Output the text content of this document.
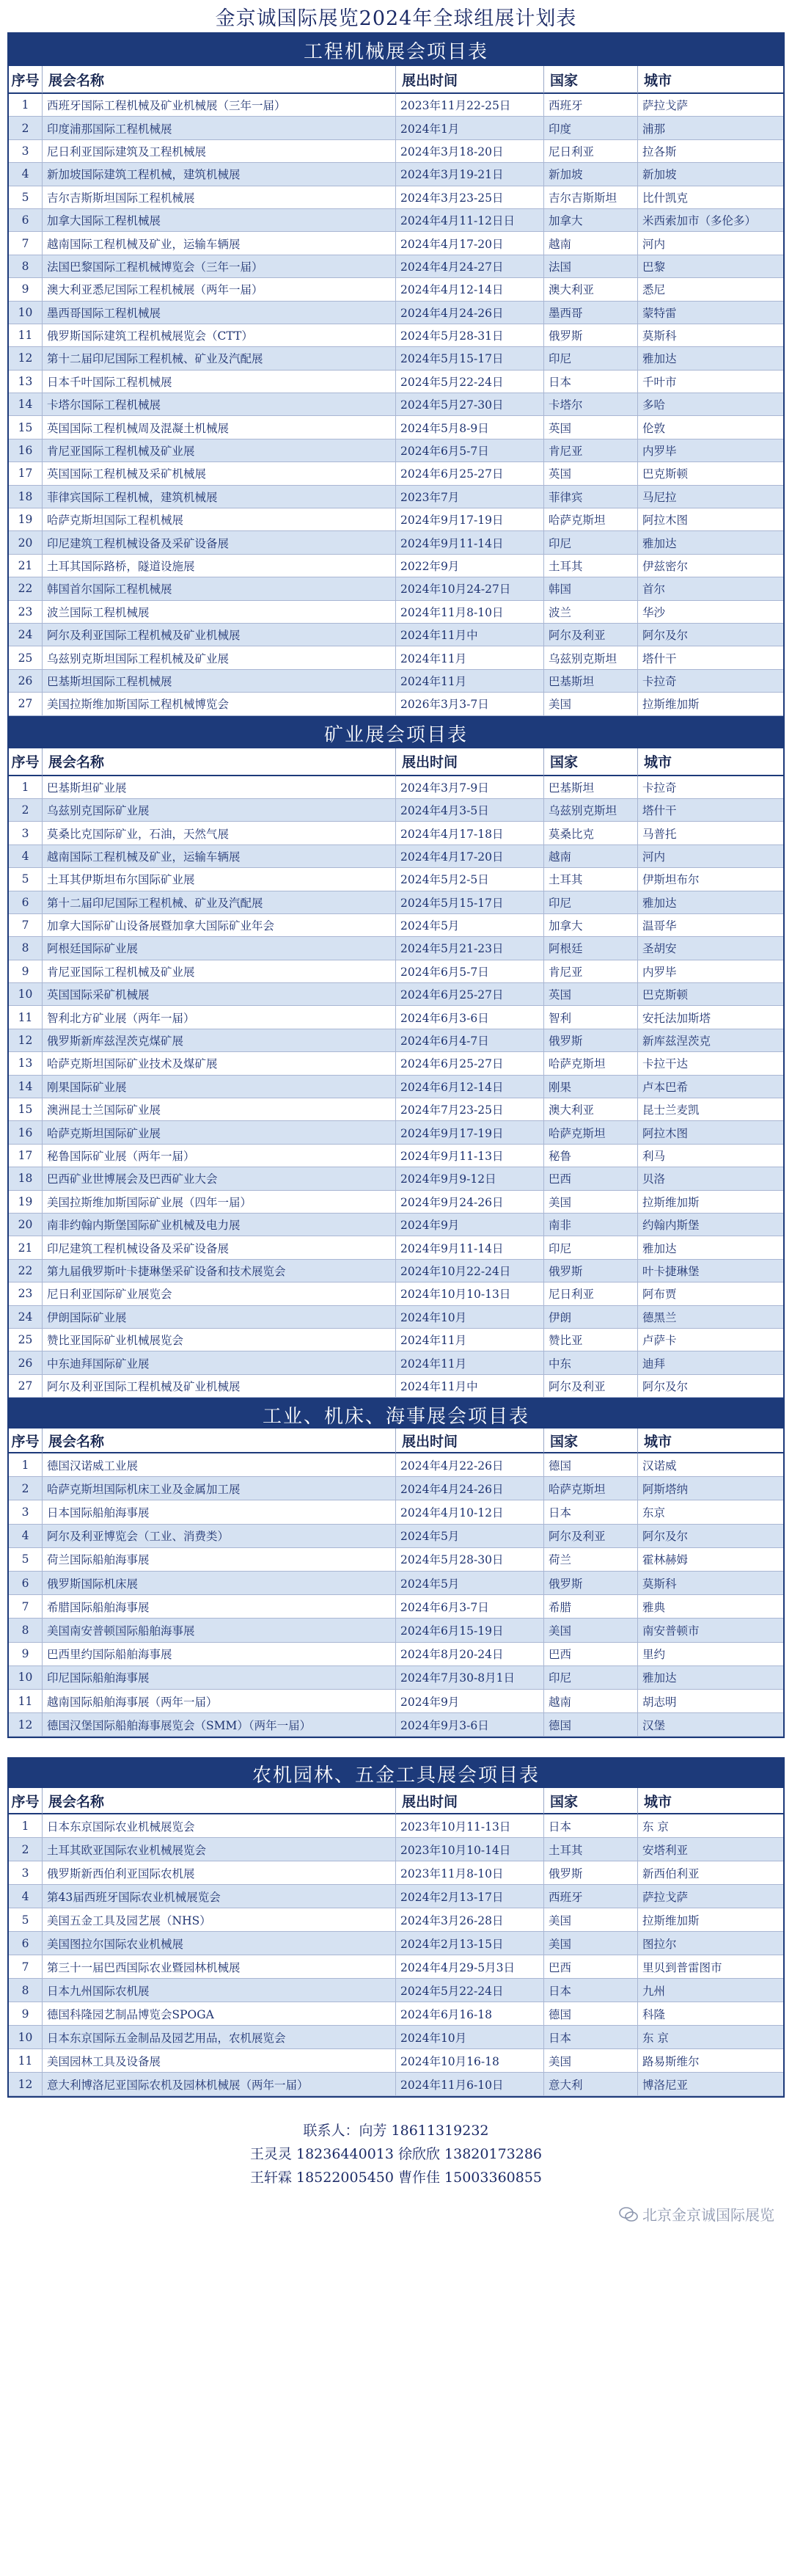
金京诚国际展览2024年全球组展计划表
工程机械展会项目表
序号 展会名称	展出时间	国家	城市
1	西班牙国际工程机械及矿业机械展（三年一届）	2023年11月22-25日	西班牙	萨拉戈萨
2	印度浦那国际工程机械展	2024年1月	印度	浦那
3	尼日利亚国际建筑及工程机械展	2024年3月18-20日	尼日利亚	拉各斯
4	新加坡国际建筑工程机械，建筑机械展	2024年3月19-21日	新加坡	新加坡
5	吉尔吉斯斯坦国际工程机械展	2024年3月23-25日	吉尔吉斯斯坦	比什凯克
6	加拿大国际工程机械展	2024年4月11-12日日	加拿大	米西索加市（多伦多）
7	越南国际工程机械及矿业，运输车辆展	2024年4月17-20日	越南	河内
8	法国巴黎国际工程机械博览会（三年一届）	2024年4月24-27日	法国	巴黎
9	澳大利亚悉尼国际工程机械展（两年一届）	2024年4月12-14日	澳大利亚	悉尼
10	墨西哥国际工程机械展	2024年4月24-26日	墨西哥	蒙特雷
11	俄罗斯国际建筑工程机械展览会（CTT）	2024年5月28-31日	俄罗斯	莫斯科
12	第十二届印尼国际工程机械、矿业及汽配展	2024年5月15-17日	印尼	雅加达
13	日本千叶国际工程机械展	2024年5月22-24日	日本	千叶市
14	卡塔尔国际工程机械展	2024年5月27-30日	卡塔尔	多哈
15	英国国际工程机械周及混凝土机械展	2024年5月8-9日	英国	伦敦
16	肯尼亚国际工程机械及矿业展	2024年6月5-7日	肯尼亚	内罗毕
17	英国国际工程机械及采矿机械展	2024年6月25-27日	英国	巴克斯顿
18	菲律宾国际工程机械，建筑机械展	2023年7月	菲律宾	马尼拉
19	哈萨克斯坦国际工程机械展	2024年9月17-19日	哈萨克斯坦	阿拉木图
20	印尼建筑工程机械设备及采矿设备展	2024年9月11-14日	印尼	雅加达
21	土耳其国际路桥，隧道设施展	2022年9月	土耳其	伊兹密尔
22	韩国首尔国际工程机械展	2024年10月24-27日	韩国	首尔
23	波兰国际工程机械展	2024年11月8-10日	波兰	华沙
24	阿尔及利亚国际工程机械及矿业机械展	2024年11月中	阿尔及利亚	阿尔及尔
25	乌兹别克斯坦国际工程机械及矿业展	2024年11月	乌兹别克斯坦	塔什干
26	巴基斯坦国际工程机械展	2024年11月	巴基斯坦	卡拉奇
27	美国拉斯维加斯国际工程机械博览会	2026年3月3-7日	美国	拉斯维加斯
矿业展会项目表
序号 展会名称	展出时间	国家	城市
1	巴基斯坦矿业展	2024年3月7-9日	巴基斯坦	卡拉奇
2	乌兹别克国际矿业展	2024年4月3-5日	乌兹别克斯坦	塔什干
3	莫桑比克国际矿业，石油，天然气展	2024年4月17-18日	莫桑比克	马普托
4	越南国际工程机械及矿业，运输车辆展	2024年4月17-20日	越南	河内
5	土耳其伊斯坦布尔国际矿业展	2024年5月2-5日	土耳其	伊斯坦布尔
6	第十二届印尼国际工程机械、矿业及汽配展	2024年5月15-17日	印尼	雅加达
7	加拿大国际矿山设备展暨加拿大国际矿业年会	2024年5月	加拿大	温哥华
8	阿根廷国际矿业展	2024年5月21-23日	阿根廷	圣胡安
9	肯尼亚国际工程机械及矿业展	2024年6月5-7日	肯尼亚	内罗毕
10	英国国际采矿机械展	2024年6月25-27日	英国	巴克斯顿
11	智利北方矿业展（两年一届）	2024年6月3-6日	智利	安托法加斯塔
12	俄罗斯新库兹涅茨克煤矿展	2024年6月4-7日	俄罗斯	新库兹涅茨克
13	哈萨克斯坦国际矿业技术及煤矿展	2024年6月25-27日	哈萨克斯坦	卡拉干达
14	刚果国际矿业展	2024年6月12-14日	刚果	卢本巴希
15	澳洲昆士兰国际矿业展	2024年7月23-25日	澳大利亚	昆士兰麦凯
16	哈萨克斯坦国际矿业展	2024年9月17-19日	哈萨克斯坦	阿拉木图
17	秘鲁国际矿业展（两年一届）	2024年9月11-13日	秘鲁	利马
18	巴西矿业世博展会及巴西矿业大会	2024年9月9-12日	巴西	贝洛
19	美国拉斯维加斯国际矿业展（四年一届）	2024年9月24-26日	美国	拉斯维加斯
20	南非约翰内斯堡国际矿业机械及电力展	2024年9月	南非	约翰内斯堡
21	印尼建筑工程机械设备及采矿设备展	2024年9月11-14日	印尼	雅加达
22	第九届俄罗斯叶卡捷琳堡采矿设备和技术展览会	2024年10月22-24日	俄罗斯	叶卡捷琳堡
23	尼日利亚国际矿业展览会	2024年10月10-13日	尼日利亚	阿布贾
24	伊朗国际矿业展	2024年10月	伊朗	德黑兰
25	赞比亚国际矿业机械展览会	2024年11月	赞比亚	卢萨卡
26	中东迪拜国际矿业展	2024年11月	中东	迪拜
27	阿尔及利亚国际工程机械及矿业机械展	2024年11月中	阿尔及利亚	阿尔及尔
工业、机床、海事展会项目表
序号 展会名称	展出时间	国家	城市
1	德国汉诺威工业展	2024年4月22-26日	德国	汉诺威
2	哈萨克斯坦国际机床工业及金属加工展	2024年4月24-26日	哈萨克斯坦	阿斯塔纳
3	日本国际船舶海事展	2024年4月10-12日	日本	东京
4	阿尔及利亚博览会（工业、消费类）	2024年5月	阿尔及利亚	阿尔及尔
5	荷兰国际船舶海事展	2024年5月28-30日	荷兰	霍林赫姆
6	俄罗斯国际机床展	2024年5月	俄罗斯	莫斯科
7	希腊国际船舶海事展	2024年6月3-7日	希腊	雅典
8	美国南安普顿国际船舶海事展	2024年6月15-19日	美国	南安普顿市
9	巴西里约国际船舶海事展	2024年8月20-24日	巴西	里约
10	印尼国际船舶海事展	2024年7月30-8月1日	印尼	雅加达
11	越南国际船舶海事展（两年一届）	2024年9月	越南	胡志明
12	德国汉堡国际船舶海事展览会（SMM）（两年一届）	2024年9月3-6日	德国	汉堡
农机园林、五金工具展会项目表
序号 展会名称	展出时间	国家	城市
1	日本东京国际农业机械展览会	2023年10月11-13日	日本	东 京
2	土耳其欧亚国际农业机械展览会	2023年10月10-14日	土耳其	安塔利亚
3	俄罗斯新西伯利亚国际农机展	2023年11月8-10日	俄罗斯	新西伯利亚
4	第43届西班牙国际农业机械展览会	2024年2月13-17日	西班牙	萨拉戈萨
5	美国五金工具及园艺展（NHS）	2024年3月26-28日	美国	拉斯维加斯
6	美国图拉尔国际农业机械展	2024年2月13-15日	美国	图拉尔
7	第三十一届巴西国际农业暨园林机械展	2024年4月29-5月3日	巴西	里贝到普雷图市
8	日本九州国际农机展	2024年5月22-24日	日本	九州
9	德国科隆园艺制品博览会SPOGA	2024年6月16-18	德国	科隆
10	日本东京国际五金制品及园艺用品，农机展览会	2024年10月	日本	东 京
11	美国园林工具及设备展	2024年10月16-18	美国	路易斯维尔
12	意大利博洛尼亚国际农机及园林机械展（两年一届）	2024年11月6-10日	意大利	博洛尼亚
联系人：向芳 18611319232
王灵灵 18236440013 徐欣欣 13820173286
王轩霖 18522005450 曹作佳 15003360855
北京金京诚国际展览
